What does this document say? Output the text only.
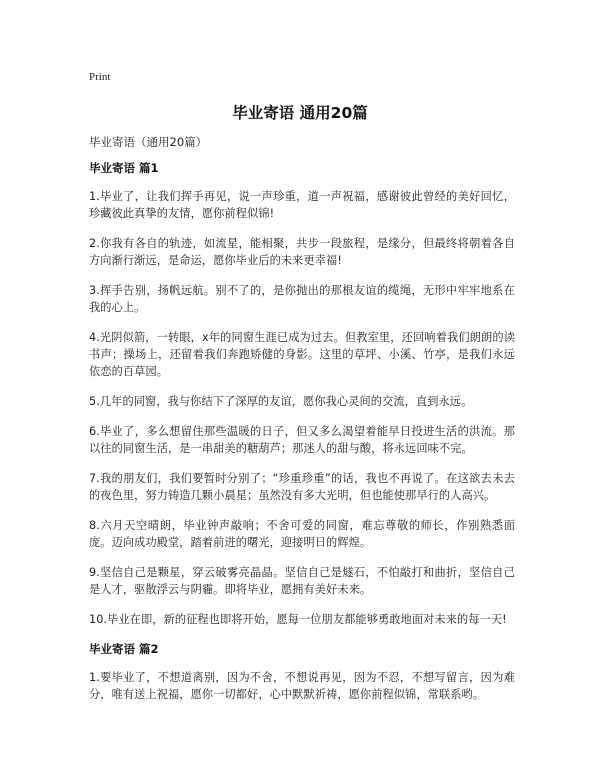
Print
毕业寄语 通用20篇

毕业寄语（通用20篇）

毕业寄语 篇1

1.毕业了，让我们挥手再见，说一声珍重，道一声祝福，感谢彼此曾经的美好回忆，珍藏彼此真挚的友情，愿你前程似锦!

2.你我有各自的轨迹，如流星，能相聚，共步一段旅程，是缘分，但最终将朝着各自方向渐行渐远，是命运，愿你毕业后的未来更幸福!

3.挥手告别，扬帆远航。别不了的，是你抛出的那根友谊的缆绳，无形中牢牢地系在我的心上。

4.光阴似箭，一转眼，x年的同窗生涯已成为过去。但教室里，还回响着我们朗朗的读书声；操场上，还留着我们奔跑矫健的身影。这里的草坪、小溪、竹亭，是我们永远依恋的百草园。

5.几年的同窗，我与你结下了深厚的友谊，愿你我心灵间的交流，直到永远。

6.毕业了，多么想留住那些温暖的日子，但又多么渴望着能早日投进生活的洪流。那以往的同窗生活，是一串甜美的糖葫芦；那迷人的甜与酸，将永远回味不完。

7.我的朋友们，我们要暂时分别了；“珍重珍重”的话，我也不再说了。在这欲去未去的夜色里，努力铸造几颗小晨星；虽然没有多大光明，但也能使那早行的人高兴。

8.六月天空晴朗，毕业钟声敲响；不舍可爱的同窗，难忘尊敬的师长，作别熟悉面庞。迈向成功殿堂，踏着前进的曙光，迎接明日的辉煌。

9.坚信自己是颗星，穿云破雾亮晶晶。坚信自己是燧石，不怕敲打和曲折，坚信自己是人才，驱散浮云与阴霾。即将毕业，愿拥有美好未来。

10.毕业在即，新的征程也即将开始，愿每一位朋友都能够勇敢地面对未来的每一天!

毕业寄语 篇2

1.要毕业了，不想道离别，因为不舍，不想说再见，因为不忍，不想写留言，因为难分，唯有送上祝福，愿你一切都好，心中默默祈祷，愿你前程似锦，常联系哟。
